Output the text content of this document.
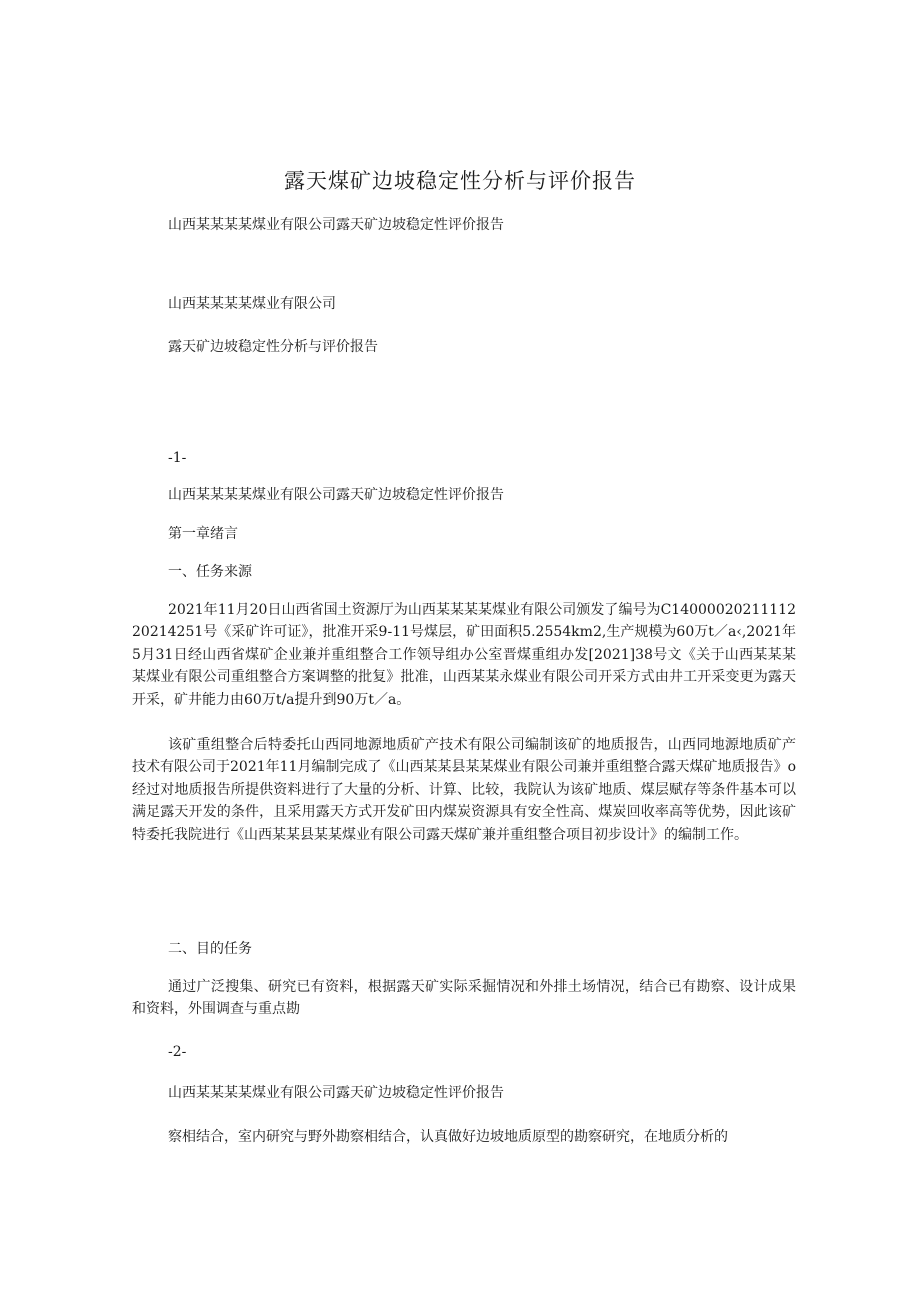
露天煤矿边坡稳定性分析与评价报告
山西某某某某煤业有限公司露天矿边坡稳定性评价报告
山西某某某某煤业有限公司
露天矿边坡稳定性分析与评价报告
-1-
山西某某某某煤业有限公司露天矿边坡稳定性评价报告
第一章绪言
一、任务来源
2021年11月20日山西省国土资源厅为山西某某某某煤业有限公司颁发了编号为C1400002021111220214251号《采矿许可证》，批准开采9-11号煤层，矿田面积5.2554km2,生产规模为60万t／a‹,2021年5月31日经山西省煤矿企业兼并重组整合工作领导组办公室晋煤重组办发[2021]38号文《关于山西某某某某煤业有限公司重组整合方案调整的批复》批准，山西某某永煤业有限公司开采方式由井工开采变更为露天开采，矿井能力由60万t/a提升到90万t／a。
该矿重组整合后特委托山西同地源地质矿产技术有限公司编制该矿的地质报告，山西同地源地质矿产技术有限公司于2021年11月编制完成了《山西某某县某某煤业有限公司兼并重组整合露天煤矿地质报告》o经过对地质报告所提供资料进行了大量的分析、计算、比较，我院认为该矿地质、煤层赋存等条件基本可以满足露天开发的条件，且采用露天方式开发矿田内煤炭资源具有安全性高、煤炭回收率高等优势，因此该矿特委托我院进行《山西某某县某某煤业有限公司露天煤矿兼并重组整合项目初步设计》的编制工作。
二、目的任务
通过广泛搜集、研究已有资料，根据露天矿实际采掘情况和外排土场情况，结合已有勘察、设计成果和资料，外围调查与重点勘
-2-
山西某某某某煤业有限公司露天矿边坡稳定性评价报告
察相结合，室内研究与野外勘察相结合，认真做好边坡地质原型的勘察研究，在地质分析的
